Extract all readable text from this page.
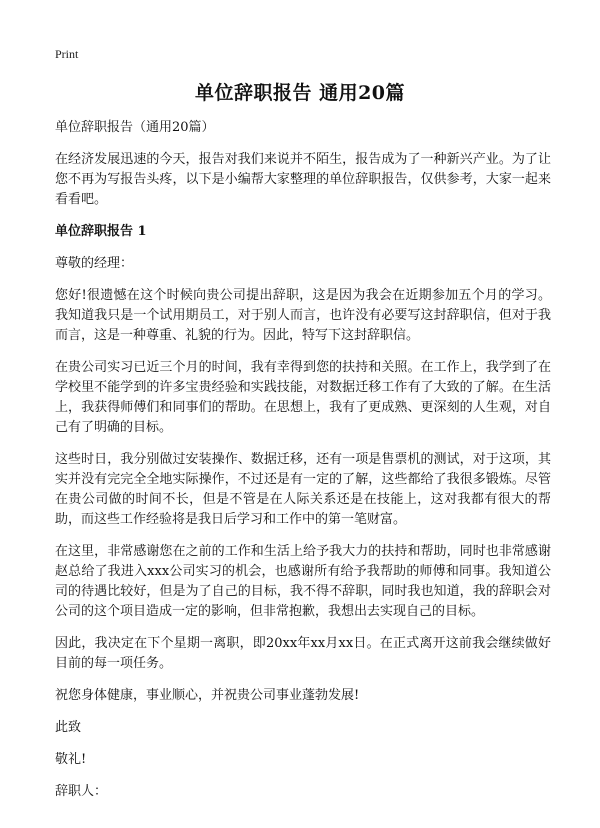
Print
单位辞职报告 通用20篇

单位辞职报告（通用20篇）

在经济发展迅速的今天，报告对我们来说并不陌生，报告成为了一种新兴产业。为了让您不再为写报告头疼，以下是小编帮大家整理的单位辞职报告，仅供参考，大家一起来看看吧。

单位辞职报告 1

尊敬的经理：

您好!很遗憾在这个时候向贵公司提出辞职，这是因为我会在近期参加五个月的学习。我知道我只是一个试用期员工，对于别人而言，也许没有必要写这封辞职信，但对于我而言，这是一种尊重、礼貌的行为。因此，特写下这封辞职信。

在贵公司实习已近三个月的时间，我有幸得到您的扶持和关照。在工作上，我学到了在学校里不能学到的许多宝贵经验和实践技能，对数据迁移工作有了大致的了解。在生活上，我获得师傅们和同事们的帮助。在思想上，我有了更成熟、更深刻的人生观，对自己有了明确的目标。

这些时日，我分别做过安装操作、数据迁移，还有一项是售票机的测试，对于这项，其实并没有完完全全地实际操作，不过还是有一定的了解，这些都给了我很多锻炼。尽管在贵公司做的时间不长，但是不管是在人际关系还是在技能上，这对我都有很大的帮助，而这些工作经验将是我日后学习和工作中的第一笔财富。

在这里，非常感谢您在之前的工作和生活上给予我大力的扶持和帮助，同时也非常感谢赵总给了我进入xxx公司实习的机会，也感谢所有给予我帮助的师傅和同事。我知道公司的待遇比较好，但是为了自己的目标，我不得不辞职，同时我也知道，我的辞职会对公司的这个项目造成一定的影响，但非常抱歉，我想出去实现自己的目标。

因此，我决定在下个星期一离职，即20xx年xx月xx日。在正式离开这前我会继续做好目前的每一项任务。

祝您身体健康，事业顺心，并祝贵公司事业蓬勃发展!

此致

敬礼!

辞职人：
